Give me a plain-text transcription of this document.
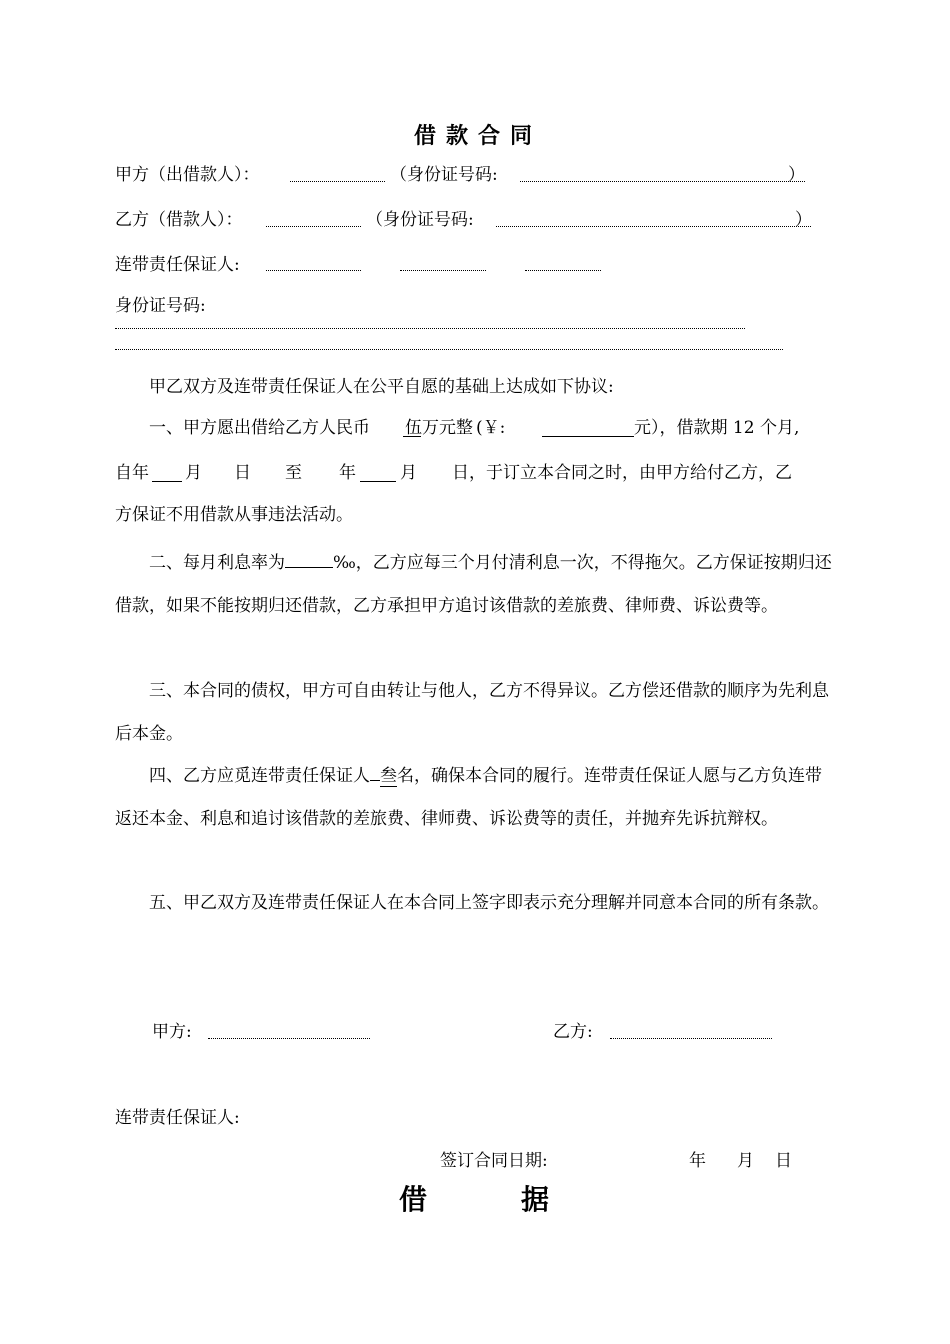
借款合同
甲方（出借款人）：	（身份证号码:	）
乙方（借款人）：	（身份证号码:	）
连带责任保证人:
身份证号码:
甲乙双方及连带责任保证人在公平自愿的基础上达成如下协议:
一、甲方愿出借给乙方人民币 伍万元整 (￥:	元），借款期 12 个月,
自年 月 日 至 年	月 日，于订立本合同之时，由甲方给付乙方，乙
方保证不用借款从事违法活动。
二、每月利息率为	‰，乙方应每三个月付清利息一次，不得拖欠。乙方保证按期归还借款，如果不能按期归还借款，乙方承担甲方追讨该借款的差旅费、律师费、诉讼费等。
三、本合同的债权，甲方可自由转让与他人，乙方不得异议。乙方偿还借款的顺序为先利息后本金。
四、乙方应觅连带责任保证人 叁名，确保本合同的履行。连带责任保证人愿与乙方负连带返还本金、利息和追讨该借款的差旅费、律师费、诉讼费等的责任，并抛弃先诉抗辩权。
五、甲乙双方及连带责任保证人在本合同上签字即表示充分理解并同意本合同的所有条款。
甲方:	乙方:
连带责任保证人:
签订合同日期:	年 月 日
借	据
